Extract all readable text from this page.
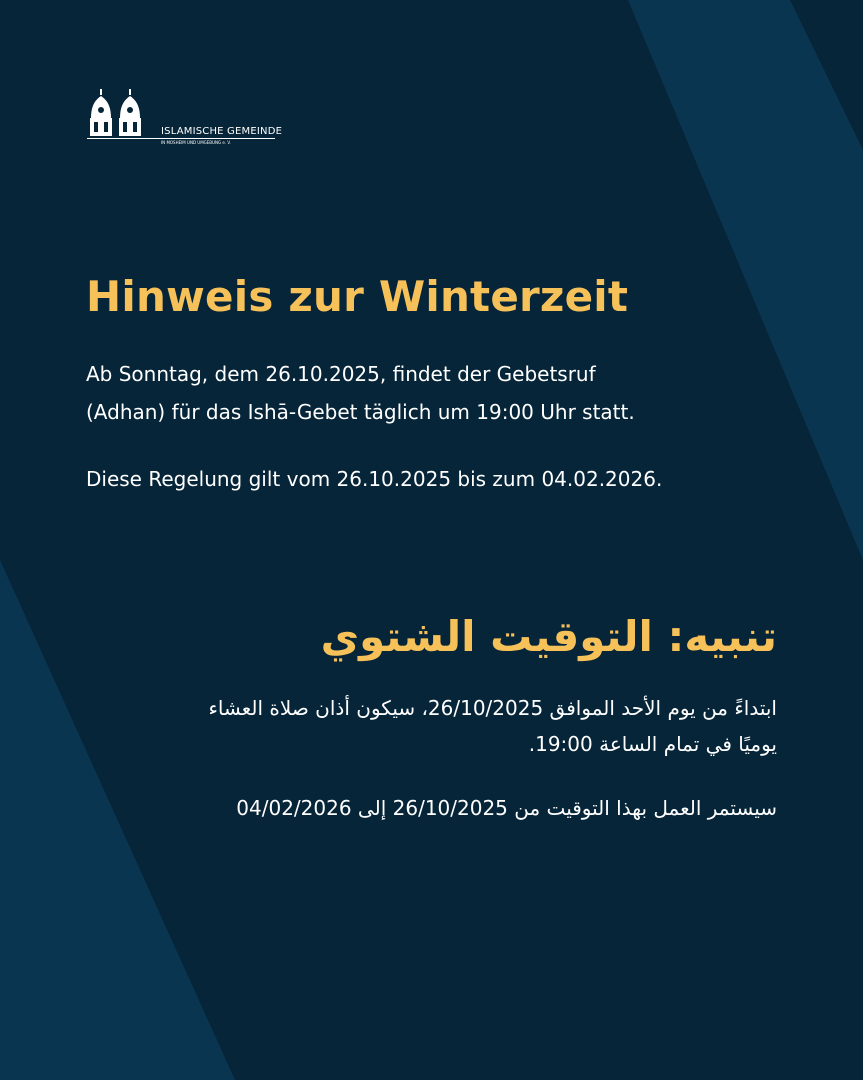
ISLAMISCHE GEMEINDE
IN MOSHEIM UND UMGEBUNG e. V.
Hinweis zur Winterzeit
Ab Sonntag, dem 26.10.2025, findet der Gebetsruf
(Adhan) für das Ishā-Gebet täglich um 19:00 Uhr statt.
Diese Regelung gilt vom 26.10.2025 bis zum 04.02.2026.
تنبيه: التوقيت الشتوي
ابتداءً من يوم الأحد الموافق 26/10/2025، سيكون أذان صلاة العشاء
يوميًا في تمام الساعة 19:00.
سيستمر العمل بهذا التوقيت من 26/10/2025 إلى 04/02/2026
